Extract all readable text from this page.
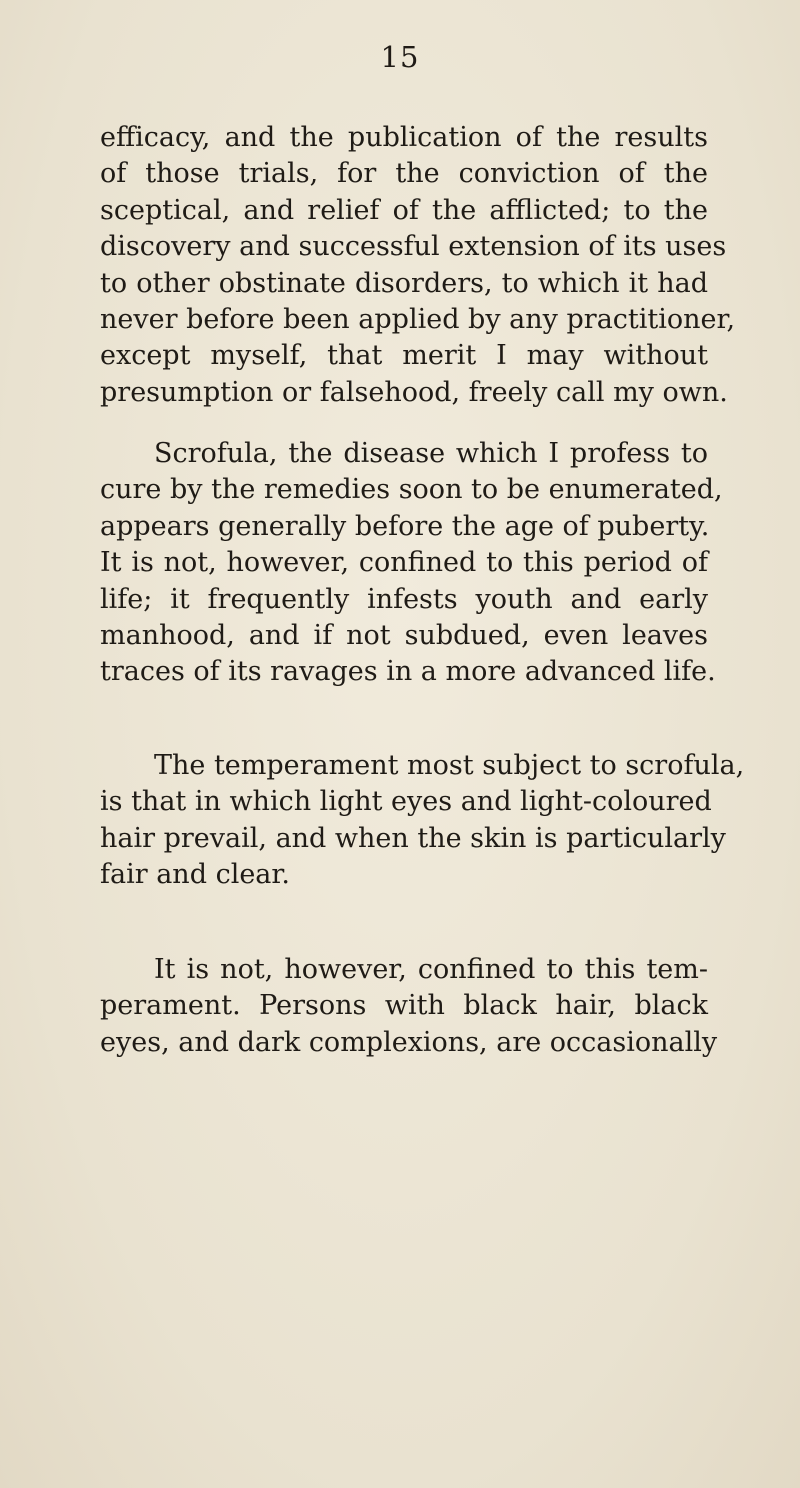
15
efficacy, and the publication of the results
of those trials, for the conviction of the
sceptical, and relief of the afflicted; to the
discovery and successful extension of its uses
to other obstinate disorders, to which it had
never before been applied by any practitioner,
except myself, that merit I may without
presumption or falsehood, freely call my own.
Scrofula, the disease which I profess to
cure by the remedies soon to be enumerated,
appears generally before the age of puberty.
It is not, however, confined to this period of
life; it frequently infests youth and early
manhood, and if not subdued, even leaves
traces of its ravages in a more advanced life.
The temperament most subject to scrofula,
is that in which light eyes and light-coloured
hair prevail, and when the skin is particularly
fair and clear.
It is not, however, confined to this tem-
perament. Persons with black hair, black
eyes, and dark complexions, are occasionally
